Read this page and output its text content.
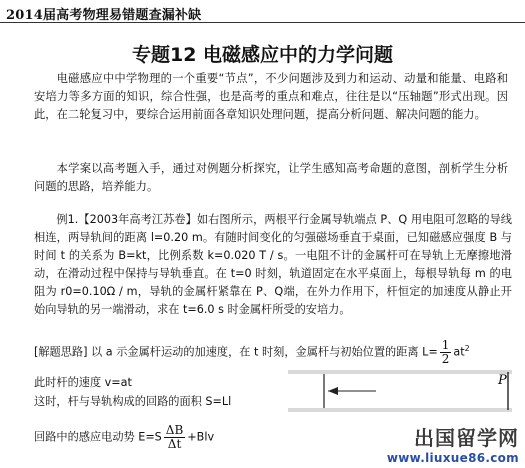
2014届高考物理易错题查漏补缺
专题12 电磁感应中的力学问题

电磁感应中中学物理的一个重要“节点”，不少问题涉及到力和运动、动量和能量、电路和安培力等多方面的知识，综合性强，也是高考的重点和难点，往往是以“压轴题”形式出现。因此，在二轮复习中，要综合运用前面各章知识处理问题，提高分析问题、解决问题的能力。

本学案以高考题入手，通过对例题分析探究，让学生感知高考命题的意图，剖析学生分析问题的思路，培养能力。

例1.【2003年高考江苏卷】如右图所示，两根平行金属导轨端点 P、Q 用电阻可忽略的导线相连，两导轨间的距离 l=0.20 m。有随时间变化的匀强磁场垂直于桌面，已知磁感应强度 B 与时间 t 的关系为 B=kt，比例系数 k=0.020 T / s。一电阻不计的金属杆可在导轨上无摩擦地滑动，在滑动过程中保持与导轨垂直。在 t=0 时刻，轨道固定在水平桌面上，每根导轨每 m 的电阻为 r0=0.10Ω / m，导轨的金属杆紧靠在 P、Q端，在外力作用下，杆恒定的加速度从静止开始向导轨的另一端滑动，求在 t=6.0 s 时金属杆所受的安培力。
[解题思路] 以 a 示金属杆运动的加速度，在 t 时刻，金属杆与初始位置的距离 $L= \frac{1}{2} at^2$
此时杆的速度 v=at
这时，杆与导轨构成的回路的面积 S=Ll
回路中的感应电动势 $E=S \frac{\Delta B}{\Delta t} +Blv$
P
出国留学网
www.liuxue86.com
